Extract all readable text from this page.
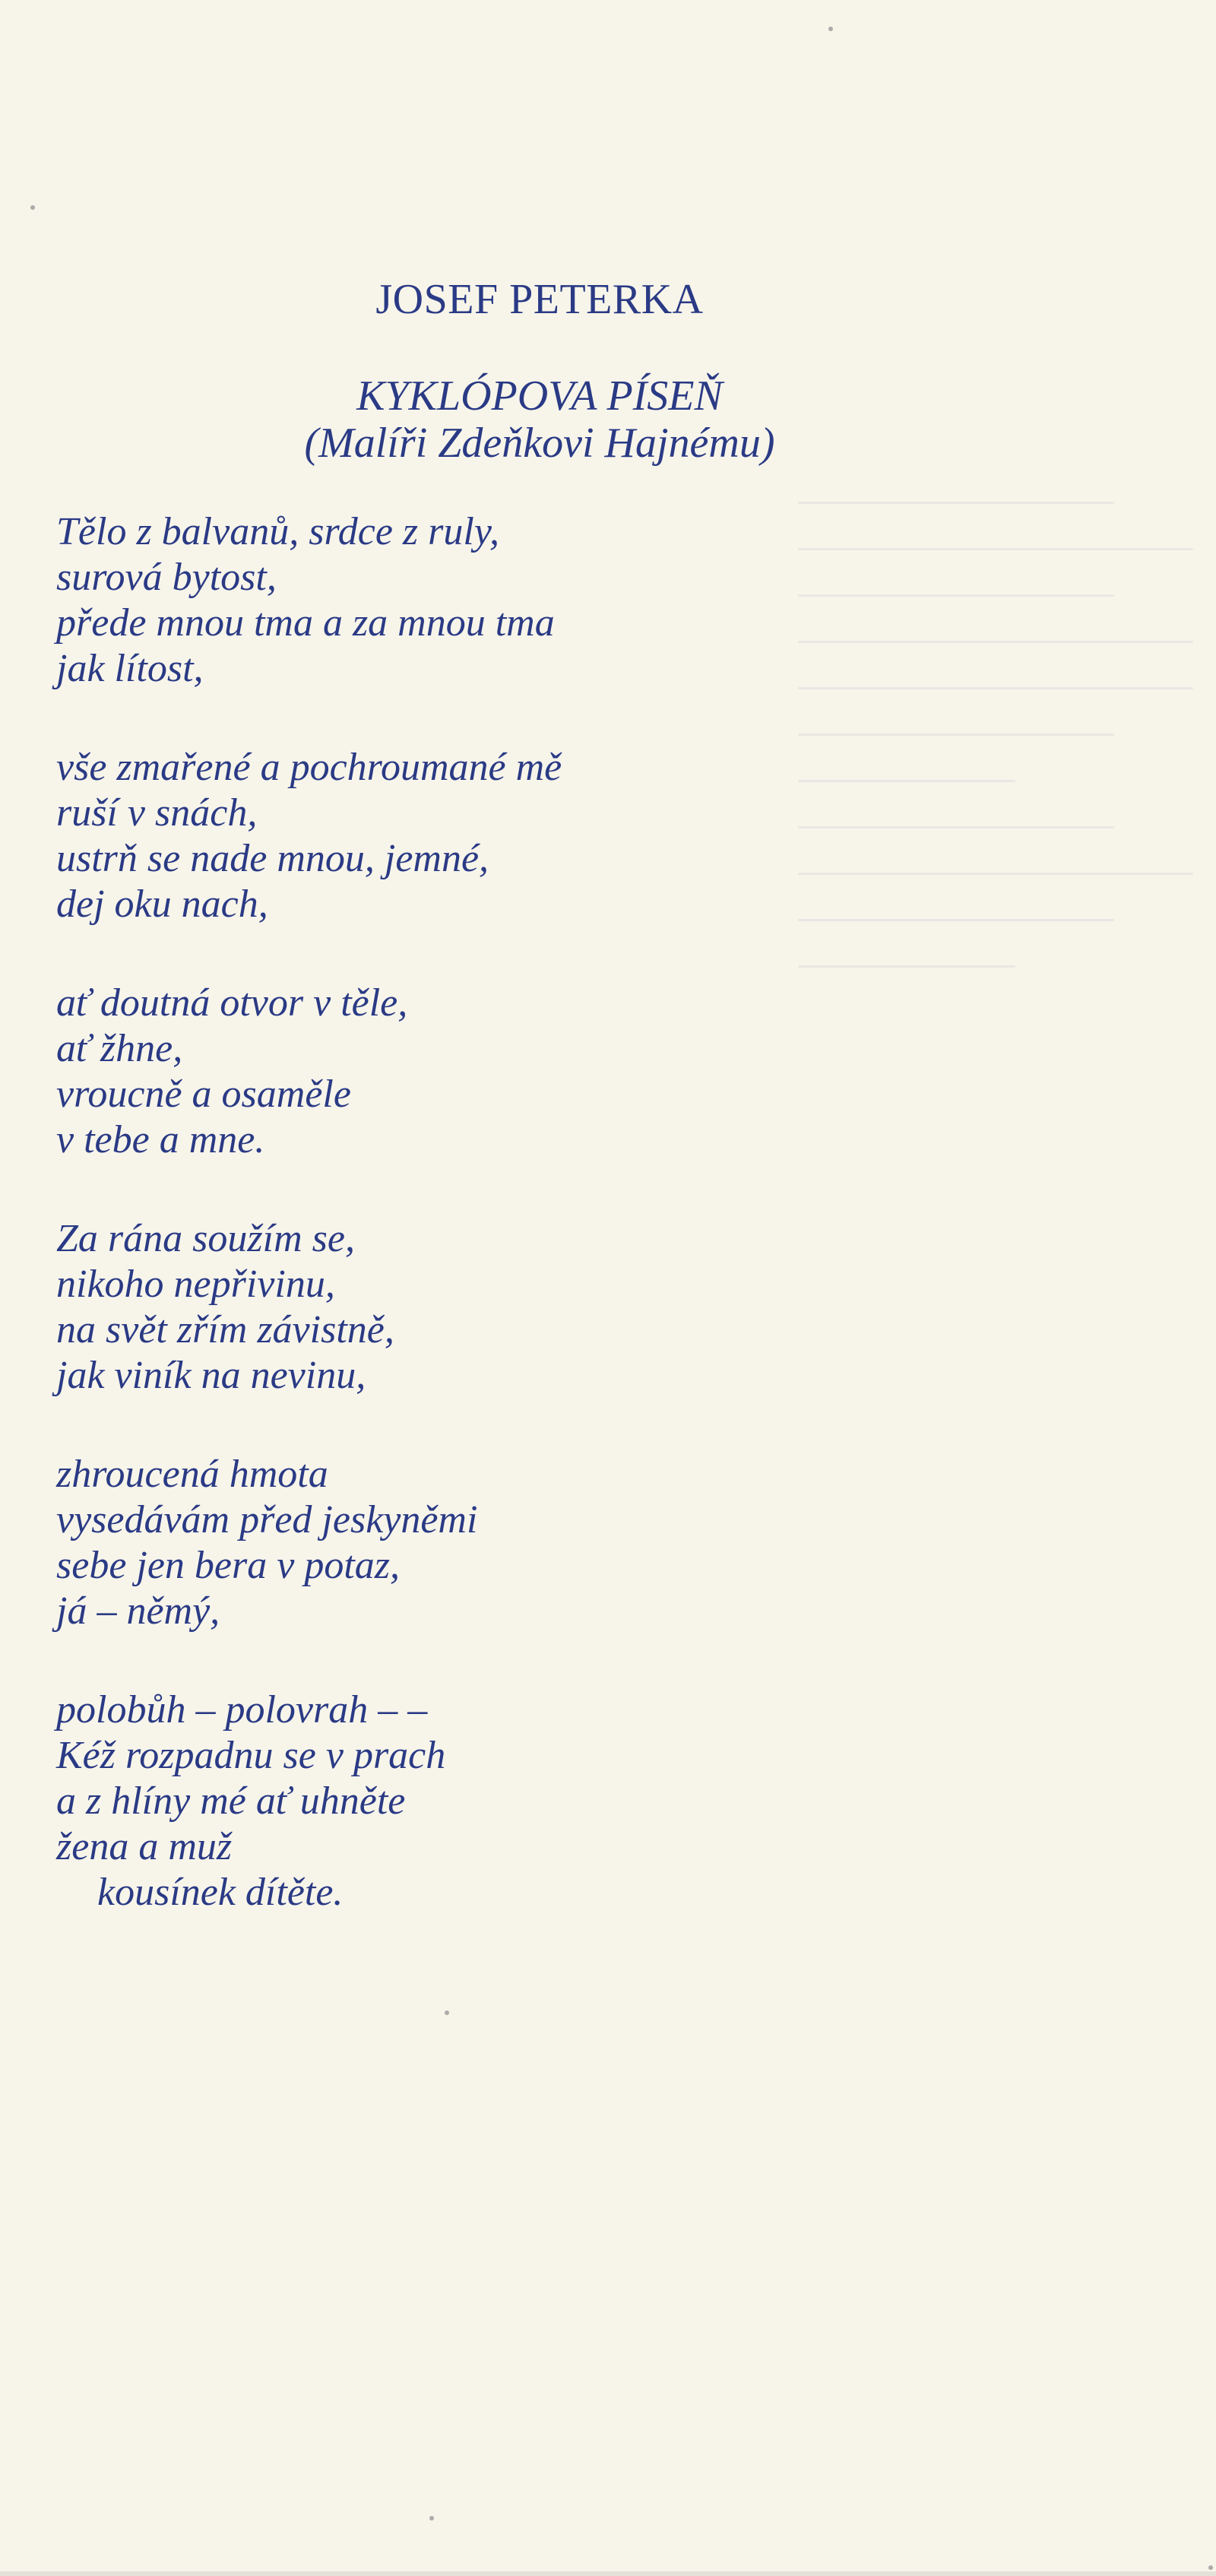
JOSEF PETERKA
KYKLÓPOVA PÍSEŇ
(Malíři Zdeňkovi Hajnému)
Tělo z balvanů, srdce z ruly,
surová bytost,
přede mnou tma a za mnou tma
jak lítost,
vše zmařené a pochroumané mě
ruší v snách,
ustrň se nade mnou, jemné,
dej oku nach,
ať doutná otvor v těle,
ať žhne,
vroucně a osaměle
v tebe a mne.
Za rána soužím se,
nikoho nepřivinu,
na svět zřím závistně,
jak viník na nevinu,
zhroucená hmota
vysedávám před jeskyněmi
sebe jen bera v potaz,
já – němý,
polobůh – polovrah – –
Kéž rozpadnu se v prach
a z hlíny mé ať uhněte
žena a muž
kousínek dítěte.
